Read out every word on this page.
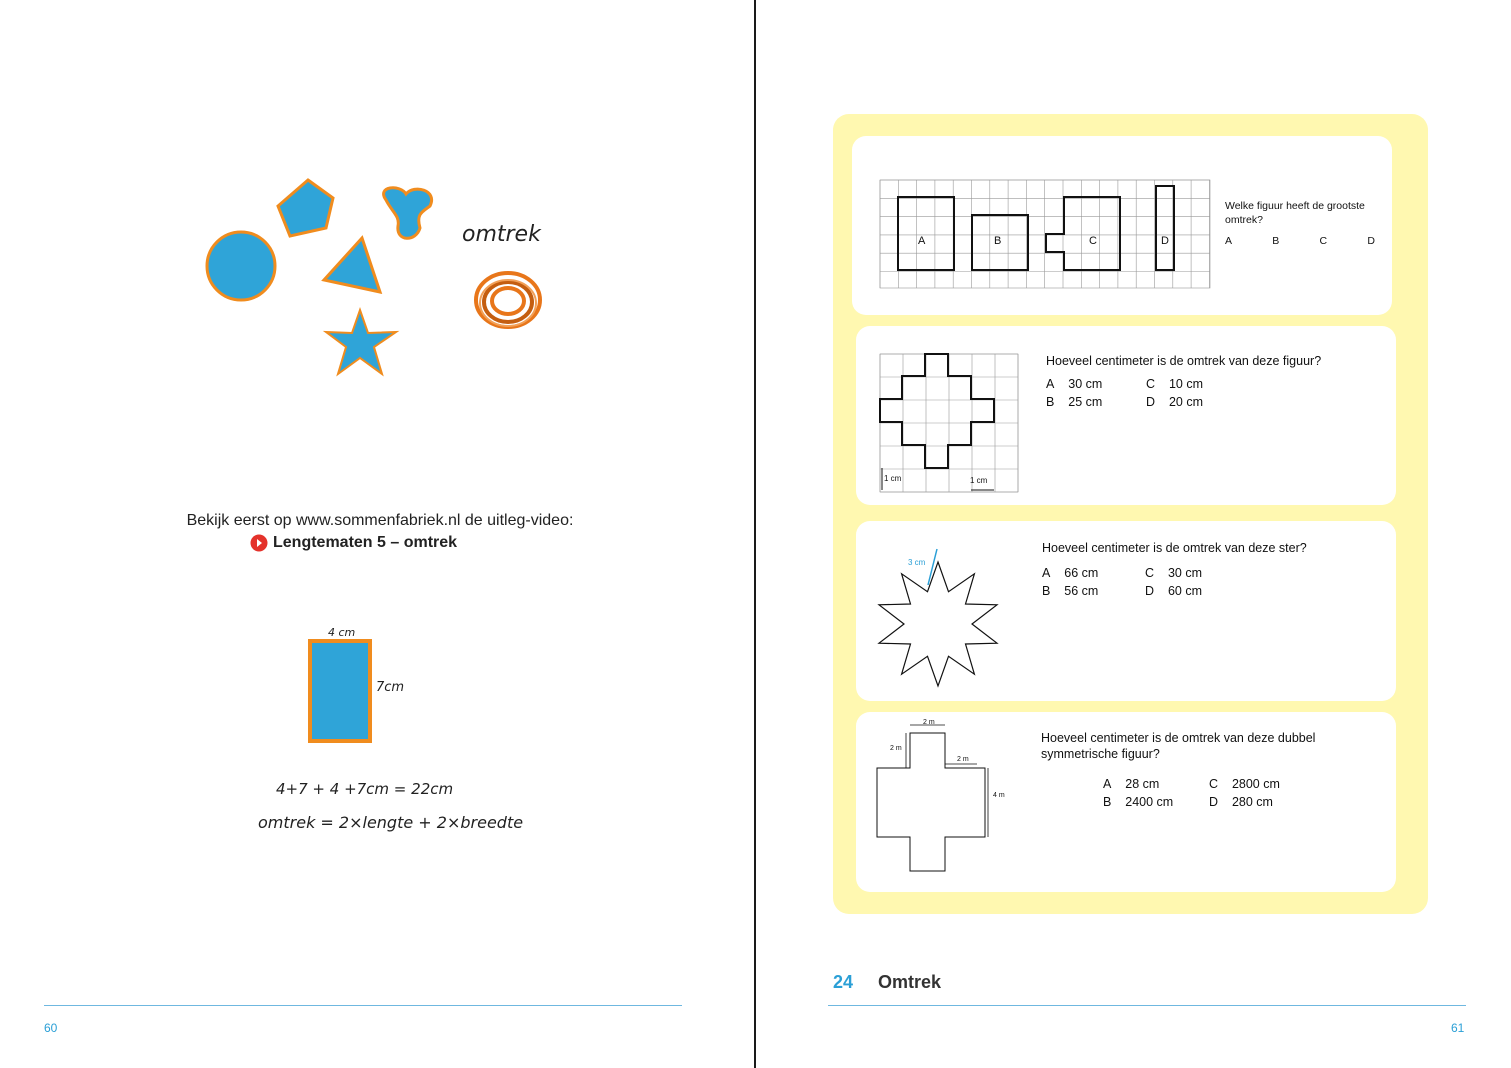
omtrek
Bekijk eerst op www.sommenfabriek.nl de uitleg-video:
Lengtematen 5 – omtrek
4 cm
7cm
4+7 + 4 +7cm = 22cm
omtrek = 2×lengte + 2×breedte
60
A	B	C	D
Welke figuur heeft de grootste omtrek?
A	B	C	D
1 cm	1 cm
Hoeveel centimeter is de omtrek van deze figuur?
A 30 cm	C 10 cm
B 25 cm	D 20 cm
3 cm
Hoeveel centimeter is de omtrek van deze ster?
A 66 cm	C 30 cm
B 56 cm	D 60 cm
2 m
2 m
2 m
4 m
Hoeveel centimeter is de omtrek van deze dubbel symmetrische figuur?
A 28 cm	C 2800 cm
B 2400 cm	D 280 cm
24 Omtrek
61
